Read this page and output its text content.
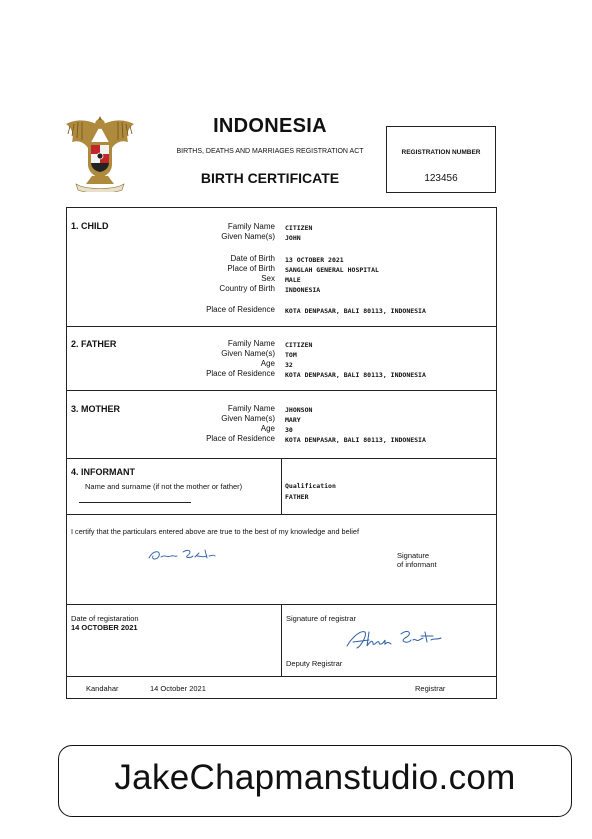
INDONESIA
BIRTHS, DEATHS AND MARRIAGES REGISTRATION ACT
BIRTH CERTIFICATE
REGISTRATION NUMBER
123456
1. CHILD	Family Name CITIZEN
Given Name(s) JOHN
Date of Birth 13 OCTOBER 2021
Place of Birth SANGLAH GENERAL HOSPITAL
Sex MALE
Country of Birth INDONESIA
Place of Residence KOTA DENPASAR, BALI 80113, INDONESIA
2. FATHER	Family Name CITIZEN
Given Name(s) TOM
Age 32
Place of Residence KOTA DENPASAR, BALI 80113, INDONESIA
3. MOTHER	Family Name JHONSON
Given Name(s) MARY
Age 30
Place of Residence KOTA DENPASAR, BALI 80113, INDONESIA
4. INFORMANT
Name and surname (if not the mother or father)	Qualification
FATHER
I certify that the particulars entered above are true to the best of my knowledge and belief
Signature
of informant
Date of registaration
14 OCTOBER 2021
Signature of registrar
Deputy Registrar
Kandahar	14 October 2021	Registrar
JakeChapmanstudio.com
